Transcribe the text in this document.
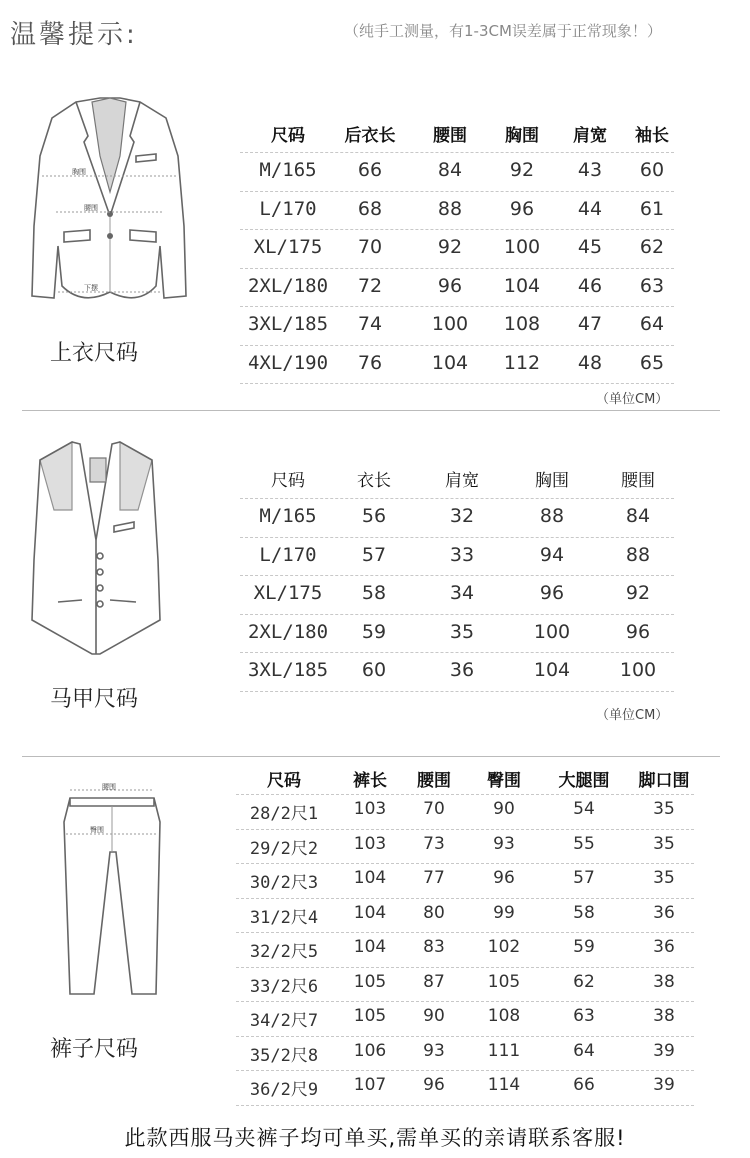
温馨提示:	（纯手工测量，有1-3CM误差属于正常现象！）
胸围
腰围
下摆
上衣尺码
尺码 后衣长 腰围 胸围 肩宽 袖长
M/165 66	84	92 43 60
L/170 68	88	96 44 61
XL/175 70	92 100 45 62
2XL/180 72	96 104 46 63
3XL/185 74	100 108 47 64
4XL/190 76	104 112 48 65
（单位CM）
马甲尺码
尺码	衣长	肩宽	胸围	腰围
M/165 56	32	88	84
L/170 57	33	94	88
XL/175 58	34	96	92
2XL/180 59	35	100	96
3XL/185 60	36	104	100
（单位CM）
腰围
臀围
裤子尺码
尺码	裤长 腰围 臀围 大腿围 脚口围
28/2尺1 103 70	90	54	35
29/2尺2 103 73	93	55	35
30/2尺3 104 77	96	57	35
31/2尺4 104 80	99	58	36
32/2尺5 104 83	102	59	36
33/2尺6 105 87	105	62	38
34/2尺7 105 90	108	63	38
35/2尺8 106 93	111	64	39
36/2尺9 107 96	114	66	39
此款西服马夹裤子均可单买,需单买的亲请联系客服!
